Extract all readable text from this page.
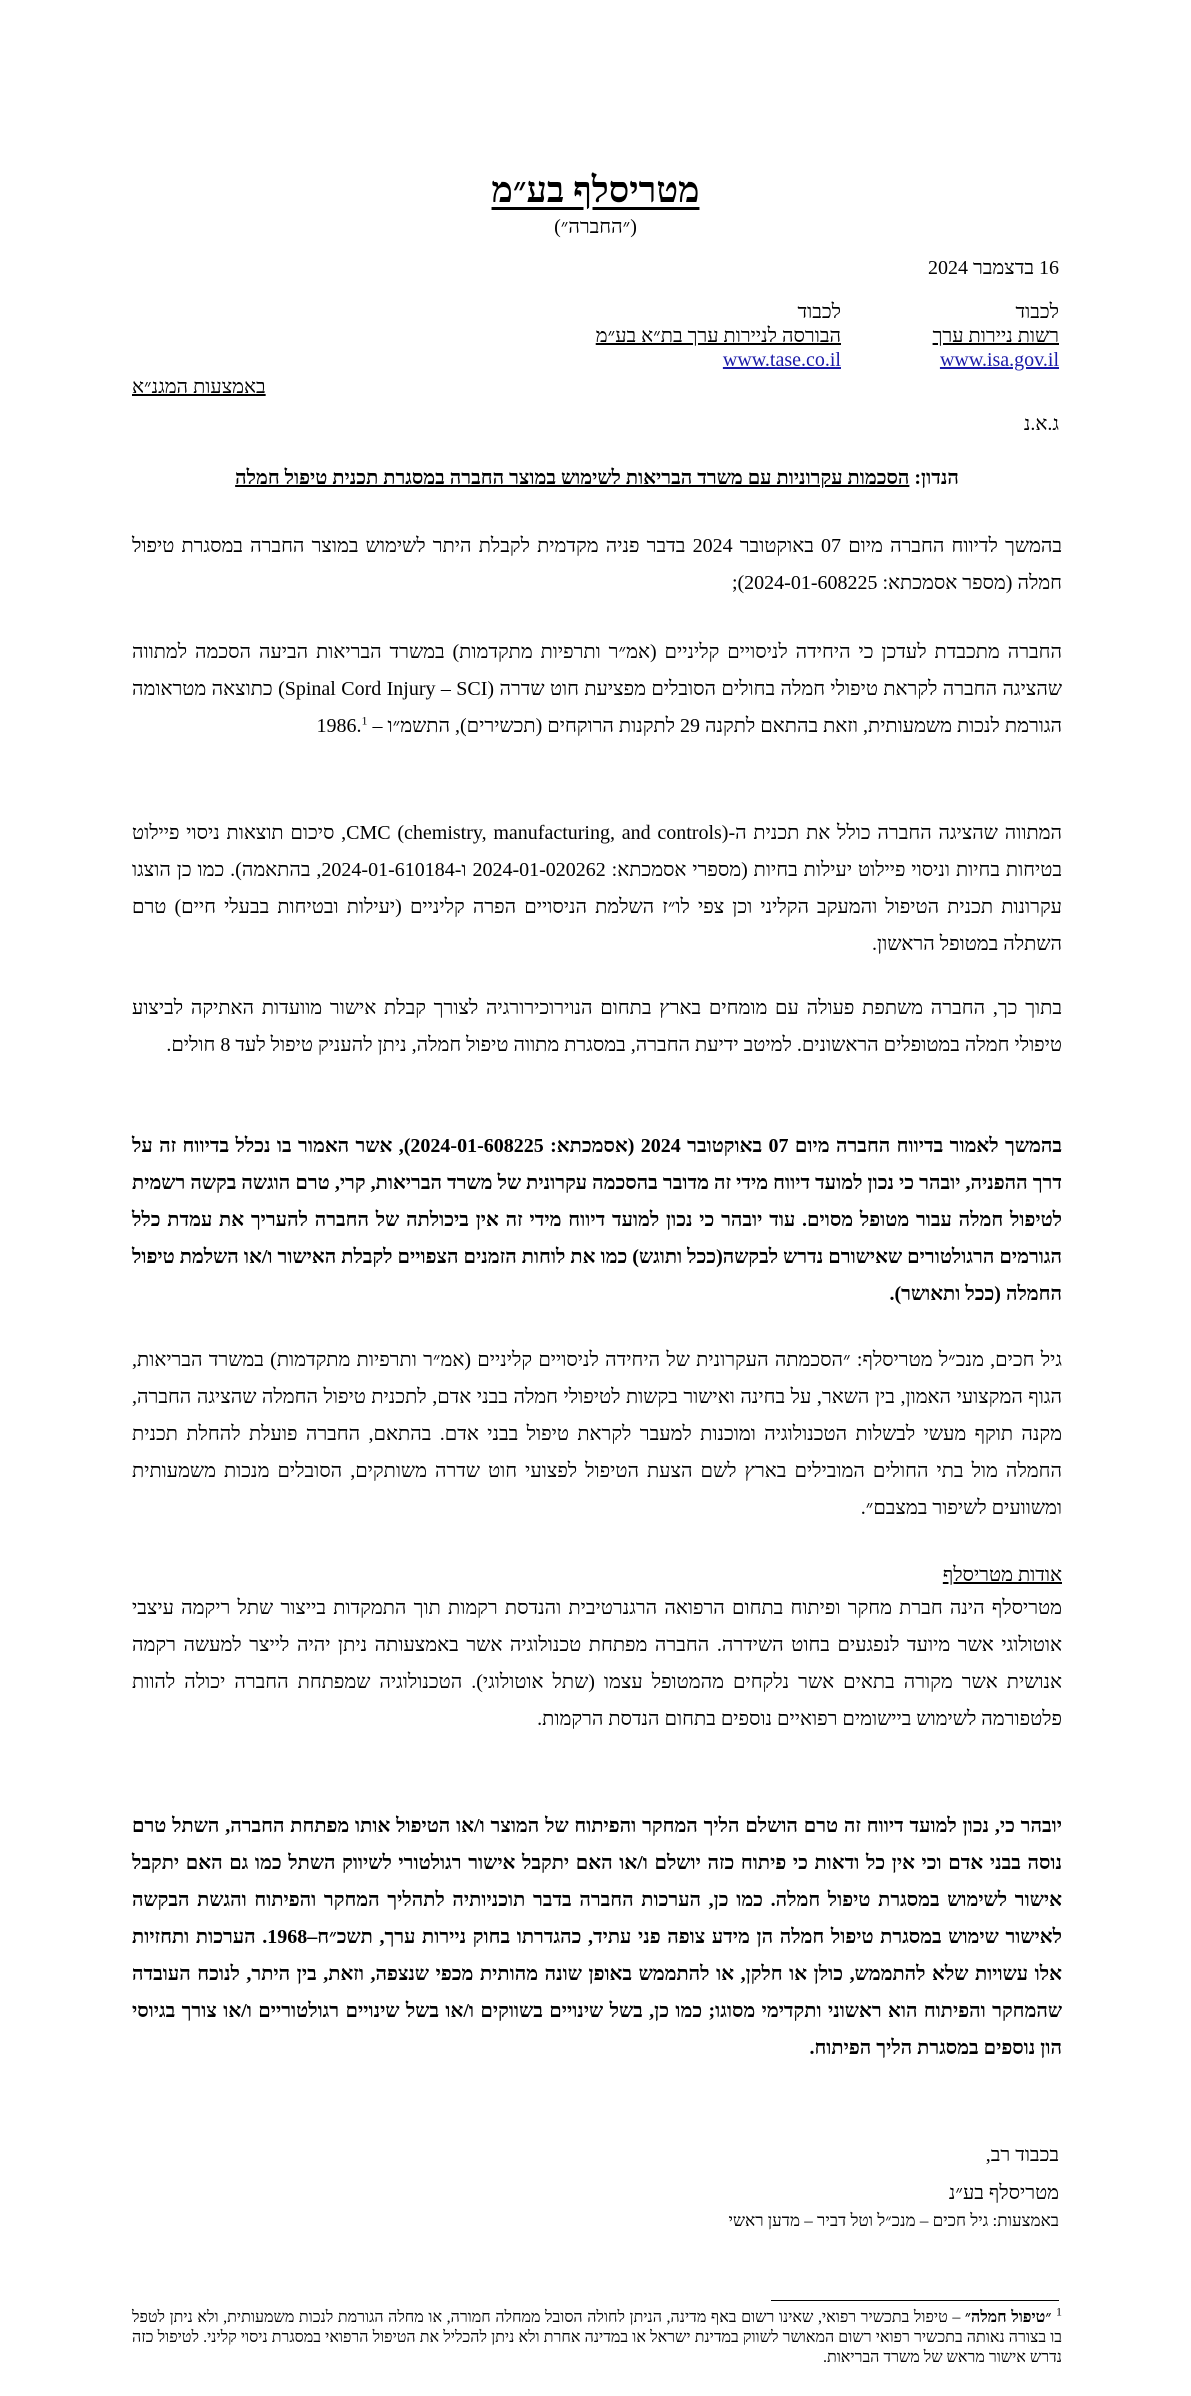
מטריסלף בע״מ

(״החברה״)

16 בדצמבר 2024
לכבוד
רשות ניירות ערך
www.isa.gov.il
לכבוד
הבורסה לניירות ערך בת״א בע״מ
www.tase.co.il
באמצעות המגנ״א
ג.א.נ
הנדון: הסכמות עקרוניות עם משרד הבריאות לשימוש במוצר החברה במסגרת תכנית טיפול חמלה

בהמשך לדיווח החברה מיום 07 באוקטובר 2024 בדבר פניה מקדמית לקבלת היתר לשימוש במוצר החברה במסגרת טיפול חמלה (מספר אסמכתא: 2024-01-608225);

החברה מתכבדת לעדכן כי היחידה לניסויים קליניים (אמ״ר ותרפיות מתקדמות) במשרד הבריאות הביעה הסכמה למתווה שהציגה החברה לקראת טיפולי חמלה בחולים הסובלים מפציעת חוט שדרה (Spinal Cord Injury – SCI) כתוצאה מטראומה הגורמת לנכות משמעותית, וזאת בהתאם לתקנה 29 לתקנות הרוקחים (תכשירים), התשמ״ו – 1986.$^1$

המתווה שהציגה החברה כולל את תכנית ה-CMC (chemistry, manufacturing, and controls), סיכום תוצאות ניסוי פיילוט בטיחות בחיות וניסוי פיילוט יעילות בחיות (מספרי אסמכתא: 2024-01-020262 ו-2024-01-610184, בהתאמה). כמו כן הוצגו עקרונות תכנית הטיפול והמעקב הקליני וכן צפי לו״ז השלמת הניסויים הפרה קליניים (יעילות ובטיחות בבעלי חיים) טרם השתלה במטופל הראשון.

בתוך כך, החברה משתפת פעולה עם מומחים בארץ בתחום הנוירוכירורגיה לצורך קבלת אישור מוועדות האתיקה לביצוע טיפולי חמלה במטופלים הראשונים. למיטב ידיעת החברה, במסגרת מתווה טיפול חמלה, ניתן להעניק טיפול לעד 8 חולים.

בהמשך לאמור בדיווח החברה מיום 07 באוקטובר 2024 (אסמכתא: 2024-01-608225), אשר האמור בו נכלל בדיווח זה על דרך ההפניה, יובהר כי נכון למועד דיווח מידי זה מדובר בהסכמה עקרונית של משרד הבריאות, קרי, טרם הוגשה בקשה רשמית לטיפול חמלה עבור מטופל מסוים. עוד יובהר כי נכון למועד דיווח מידי זה אין ביכולתה של החברה להעריך את עמדת כלל הגורמים הרגולטורים שאישורם נדרש לבקשה(ככל ותוגש) כמו את לוחות הזמנים הצפויים לקבלת האישור ו/או השלמת טיפול החמלה (ככל ותאושר).

גיל חכים, מנכ״ל מטריסלף: ״הסכמתה העקרונית של היחידה לניסויים קליניים (אמ״ר ותרפיות מתקדמות) במשרד הבריאות, הגוף המקצועי האמון, בין השאר, על בחינה ואישור בקשות לטיפולי חמלה בבני אדם, לתכנית טיפול החמלה שהציגה החברה, מקנה תוקף מעשי לבשלות הטכנולוגיה ומוכנות למעבר לקראת טיפול בבני אדם. בהתאם, החברה פועלת להחלת תכנית החמלה מול בתי החולים המובילים בארץ לשם הצעת הטיפול לפצועי חוט שדרה משותקים, הסובלים מנכות משמעותית ומשוועים לשיפור במצבם״.

אודות מטריסלף

מטריסלף הינה חברת מחקר ופיתוח בתחום הרפואה הרגנרטיבית והנדסת רקמות תוך התמקדות בייצור שתל ריקמה עיצבי אוטולוגי אשר מיועד לנפגעים בחוט השידרה. החברה מפתחת טכנולוגיה אשר באמצעותה ניתן יהיה לייצר למעשה רקמה אנושית אשר מקורה בתאים אשר נלקחים מהמטופל עצמו (שתל אוטולוגי). הטכנולוגיה שמפתחת החברה יכולה להוות פלטפורמה לשימוש ביישומים רפואיים נוספים בתחום הנדסת הרקמות.

יובהר כי, נכון למועד דיווח זה טרם הושלם הליך המחקר והפיתוח של המוצר ו/או הטיפול אותו מפתחת החברה, השתל טרם נוסה בבני אדם וכי אין כל ודאות כי פיתוח כזה יושלם ו/או האם יתקבל אישור רגולטורי לשיווק השתל כמו גם האם יתקבל אישור לשימוש במסגרת טיפול חמלה. כמו כן, הערכות החברה בדבר תוכניותיה לתהליך המחקר והפיתוח והגשת הבקשה לאישור שימוש במסגרת טיפול חמלה הן מידע צופה פני עתיד, כהגדרתו בחוק ניירות ערך, תשכ״ח–1968. הערכות ותחזיות אלו עשויות שלא להתממש, כולן או חלקן, או להתממש באופן שונה מהותית מכפי שנצפה, וזאת, בין היתר, לנוכח העובדה שהמחקר והפיתוח הוא ראשוני ותקדימי מסוגו; כמו כן, בשל שינויים בשווקים ו/או בשל שינויים רגולטוריים ו/או צורך בגיוסי הון נוספים במסגרת הליך הפיתוח.

בכבוד רב,
מטריסלף בע״נ
באמצעות: גיל חכים – מנכ״ל וטל דביר – מדען ראשי
$^1$ ״טיפול חמלה״ – טיפול בתכשיר רפואי, שאינו רשום באף מדינה, הניתן לחולה הסובל ממחלה חמורה, או מחלה הגורמת לנכות משמעותית, ולא ניתן לטפל בו בצורה נאותה בתכשיר רפואי רשום המאושר לשווק במדינת ישראל או במדינה אחרת ולא ניתן להכליל את הטיפול הרפואי במסגרת ניסוי קליני. לטיפול כזה נדרש אישור מראש של משרד הבריאות.
